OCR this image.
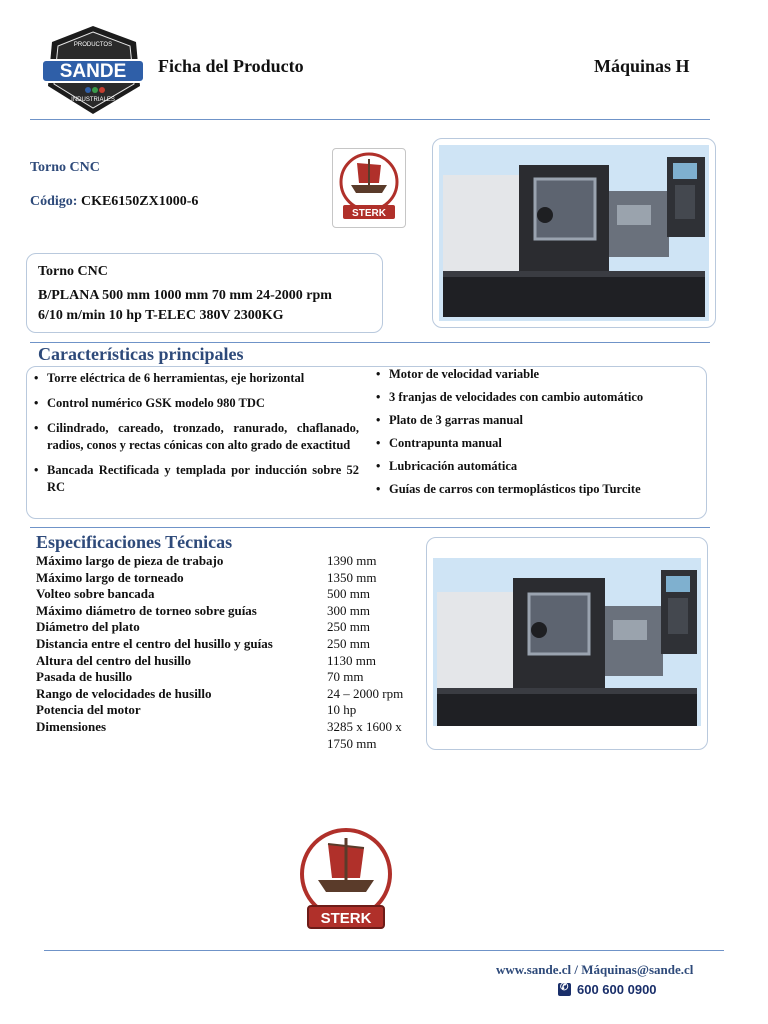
SANDE
PRODUCTOS
INDUSTRIALES
Ficha del Producto	Máquinas H
Torno CNC
Código: CKE6150ZX1000-6
STERK
Torno CNC
B/PLANA 500 mm 1000 mm 70 mm 24-2000 rpm
6/10 m/min 10 hp T-ELEC 380V 2300KG
Características principales
• Torre eléctrica de 6 herramientas, eje horizontal
• Control numérico GSK modelo 980 TDC
• Cilindrado, careado, tronzado, ranurado, chaflanado, radios, conos y rectas cónicas con alto grado de exactitud
• Bancada Rectificada y templada por inducción sobre 52 RC
• Motor de velocidad variable
• 3 franjas de velocidades con cambio automático
• Plato de 3 garras manual
• Contrapunta manual
• Lubricación automática
• Guías de carros con termoplásticos tipo Turcite
Especificaciones Técnicas
Máximo largo de pieza de trabajo	1390 mm
Máximo largo de torneado	1350 mm
Volteo sobre bancada	500 mm
Máximo diámetro de torneo sobre guías	300 mm
Diámetro del plato	250 mm
Distancia entre el centro del husillo y guías	250 mm
Altura del centro del husillo	1130 mm
Pasada de husillo	70 mm
Rango de velocidades de husillo	24 – 2000 rpm
Potencia del motor	10 hp
Dimensiones	3285 x 1600 x 1750 mm
STERK
www.sande.cl / Máquinas@sande.cl
✆
600 600 0900
